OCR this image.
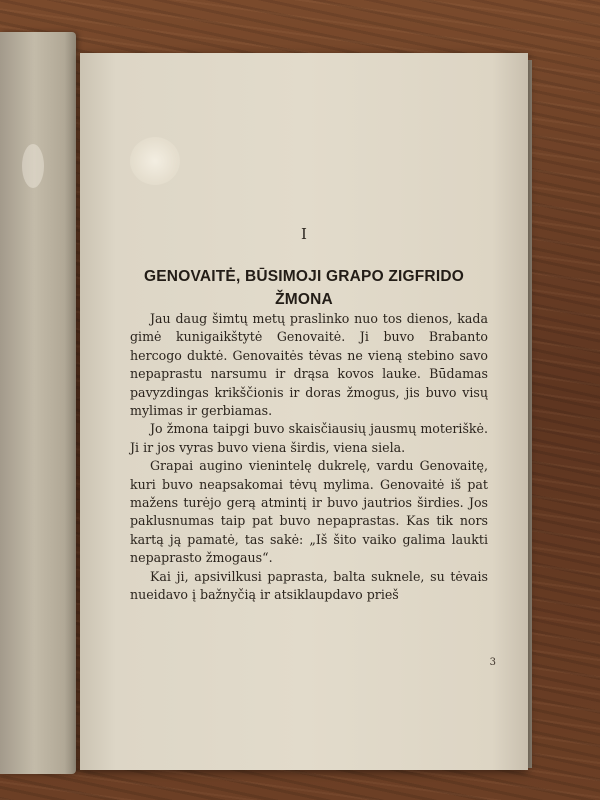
I
GENOVAITĖ, BŪSIMOJI GRAPO ZIGFRIDO ŽMONA

Jau daug šimtų metų praslinko nuo tos dienos, kada gimė kunigaikštytė Genovaitė. Ji buvo Brabanto hercogo duktė. Genovaitės tėvas ne vieną stebino savo nepaprastu narsumu ir drąsa kovos lauke. Būdamas pavyzdingas krikščionis ir doras žmogus, jis buvo visų mylimas ir gerbiamas.

Jo žmona taipgi buvo skaisčiausių jausmų moteriškė. Ji ir jos vyras buvo viena širdis, viena siela.

Grapai augino vienintelę dukrelę, vardu Genovaitę, kuri buvo neapsakomai tėvų mylima. Genovaitė iš pat mažens turėjo gerą atmintį ir buvo jautrios širdies. Jos paklusnumas taip pat buvo nepaprastas. Kas tik nors kartą ją pamatė, tas sakė: „Iš šito vaiko galima laukti nepaprasto žmogaus“.

Kai ji, apsivilkusi paprasta, balta suknele, su tėvais nueidavo į bažnyčią ir atsiklaupdavo prieš

3
